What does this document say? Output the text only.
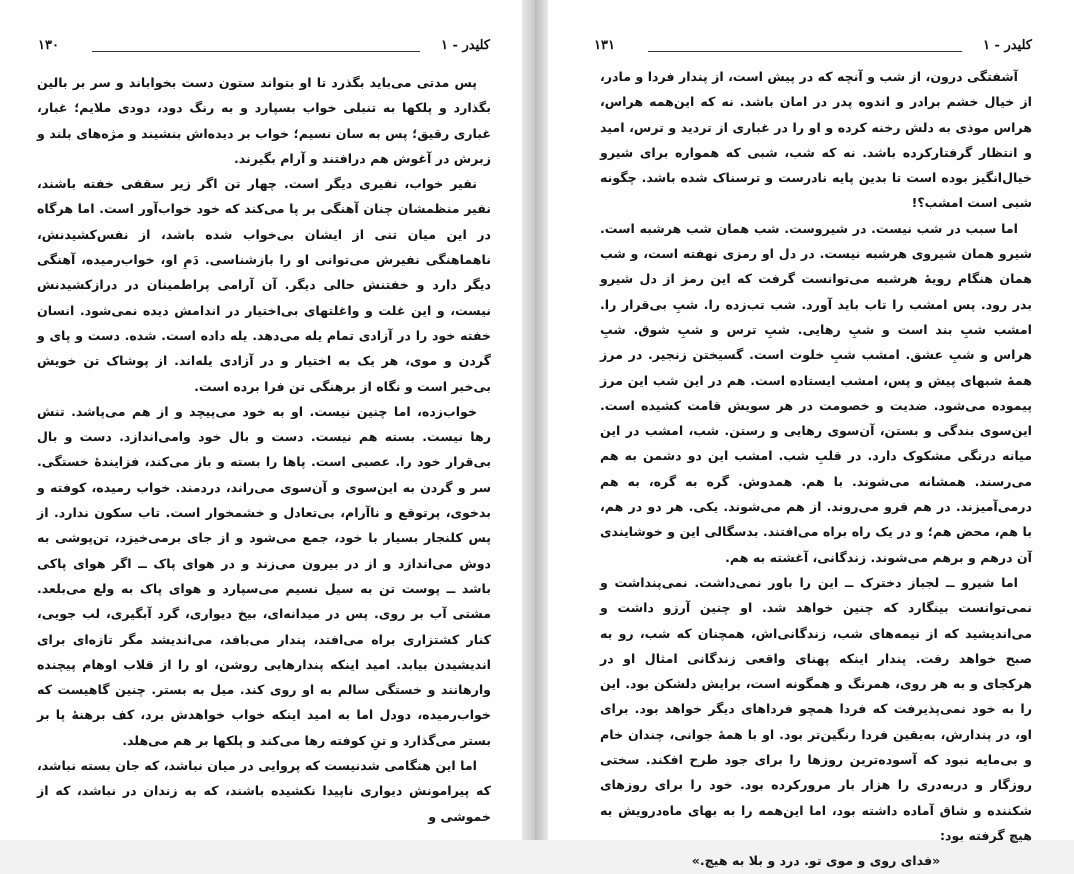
۱۳۰	کلیدر - ۱

پس مدتی می‌باید بگذرد تا او بتواند ستون دست بخواباند و سر بر بالین بگذارد و پلکها به تنبلی خواب بسپارد و به رنگ دود، دودی ملایم؛ غبار، غباری رقیق؛ پس به سان نسیم؛ خواب بر دیده‌اش بنشیند و مژه‌های بلند و زبرش در آغوش هم درافتند و آرام بگیرند.

نفیر خواب، نفیری دیگر است. چهار تن اگر زیر سقفی خفته باشند، نفیر منظمشان چنان آهنگی بر پا می‌کند که خود خواب‌آور است. اما هرگاه در این میان تنی از ایشان بی‌خواب شده باشد، از نفس‌کشیدنش، ناهماهنگی نفیرش می‌توانی او را بازشناسی. دَمِ او، خواب‌رمیده، آهنگی دیگر دارد و خفتنش حالی دیگر. آن آرامی پراطمینان در درازکشیدنش نیست، و این غلت و واغلتهای بی‌اختیار در اندامش دیده نمی‌شود. انسان خفته خود را در آزادی تمام یله می‌دهد. یله داده است. شده. دست و پای و گردن و موی، هر یک به اختیار و در آزادی یله‌اند. از پوشاک تن خویش بی‌خبر است و نگاه از برهنگی تن فرا برده است.

خواب‌زده، اما چنین نیست. او به خود می‌پیچد و از هم می‌پاشد. تنش رها نیست. بسته هم نیست. دست و بال خود وامی‌اندازد. دست و بال بی‌قرار خود را. عصبی است. پاها را بسته و باز می‌کند، فزایندهٔ خستگی. سر و گردن به این‌سوی و آن‌سوی می‌راند، دردمند. خواب رمیده، کوفته و بدخوی، پرتوقع و ناآرام، بی‌تعادل و خشمخوار است. تاب سکون ندارد. از پس کلنجار بسیار با خود، جمع می‌شود و از جای برمی‌خیزد، تن‌پوشی به دوش می‌اندازد و از در بیرون می‌زند و در هوای پاک ــ اگر هوای پاکی باشد ــ پوست تن به سیل نسیم می‌سپارد و هوای پاک به ولع می‌بلعد. مشتی آب بر روی. پس در میدانه‌ای، بیخ دیواری، گرد آبگیری، لب جویی، کنار کشتزاری براه می‌افتد، پندار می‌بافد، می‌اندیشد مگر تازه‌ای برای اندیشیدن بیابد. امید اینکه پندارهایی روشن، او را از قلاب اوهام پیچنده وارهانند و خستگی سالم به او روی کند. میل به بستر. چنین گاهیست که خواب‌رمیده، دودل اما به امید اینکه خواب خواهدش برد، کف برهنهٔ پا بر بستر می‌گذارد و تنِ کوفته رها می‌کند و پلکها بر هم می‌هلد.

اما این هنگامی شدنیست که پروایی در میان نباشد، که جان بسته نباشد، که پیرامونش دیواری ناپیدا نکشیده باشند، که به زندان در نباشد، که از خموشی و

۱۳۱	کلیدر - ۱

آشفتگی درون، از شب و آنچه که در پیش است، از پندار فردا و مادر، از خیال خشم برادر و اندوه پدر در امان باشد. نه که این‌همه هراس، هراس موذی به دلش رخنه کرده و او را در غباری از تردید و ترس، امید و انتظار گرفتارکرده باشد. نه که شب، شبی که همواره برای شیرو خیال‌انگیز بوده است تا بدین پایه نادرست و ترسناک شده باشد. چگونه شبی است امشب؟!

اما سبب در شب نیست. در شیروست. شب همان شب هرشبه است. شیرو همان شیروی هرشبه نیست. در دل او رمزی نهفته است، و شب همان هنگام رویهٔ هرشبه می‌توانست گرفت که این رمز از دل شیرو بدر رود. پس امشب را تاب باید آورد. شب تب‌زده را. شبِ بی‌قرار را. امشب شبِ بند است و شبِ رهایی. شبِ ترس و شبِ شوق. شبِ هراس و شبِ عشق. امشب شبِ خلوت است. گسیختن زنجیر. در مرز همهٔ شبهای پیش و پس، امشب ایستاده است. هم در این شب این مرز پیموده می‌شود. ضدیت و خصومت در هر سویش قامت کشیده است. این‌سوی بندگی و بستن، آن‌سوی رهایی و رستن. شب، امشب در این میانه درنگی مشکوک دارد. در قلبِ شب. امشب این دو دشمن به هم می‌رسند. همشانه می‌شوند. با هم. همدوش. گره به گره، به هم درمی‌آمیزند. در هم فرو می‌روند. از هم می‌شوند. یکی. هر دو در هم، با هم، محض هم؛ و در یک راه براه می‌افتند. بدسگالی این و خوشایندی آن درهم و برهم می‌شوند. زندگانی، آغشته به هم.

اما شیرو ــ لجباز دخترک ــ این را باور نمی‌داشت. نمی‌پنداشت و نمی‌توانست بینگارد که چنین خواهد شد. او چنین آرزو داشت و می‌اندیشید که از نیمه‌های شب، زندگانی‌اش، همچنان که شب، رو به صبح خواهد رفت. پندار اینکه پهنای واقعی زندگانی امثال او در هرکجای و به هر روی، همرنگ و همگونه است، برایش دلشکن بود. این را به خود نمی‌پذیرفت که فردا همچو فرداهای دیگر خواهد بود. برای او، در پندارش، به‌یقین فردا رنگین‌تر بود. او با همهٔ جوانی، چندان خام و بی‌مایه نبود که آسوده‌ترین روزها را برای جود طرح افکند. سختی روزگار و دربه‌دری را هزار بار مرورکرده بود. خود را برای روزهای شکننده و شاق آماده داشته بود، اما این‌همه را به بهای ماه‌درویش به هیچ گرفته بود:

«فدای روی و موی تو. درد و بلا به هیچ.»
